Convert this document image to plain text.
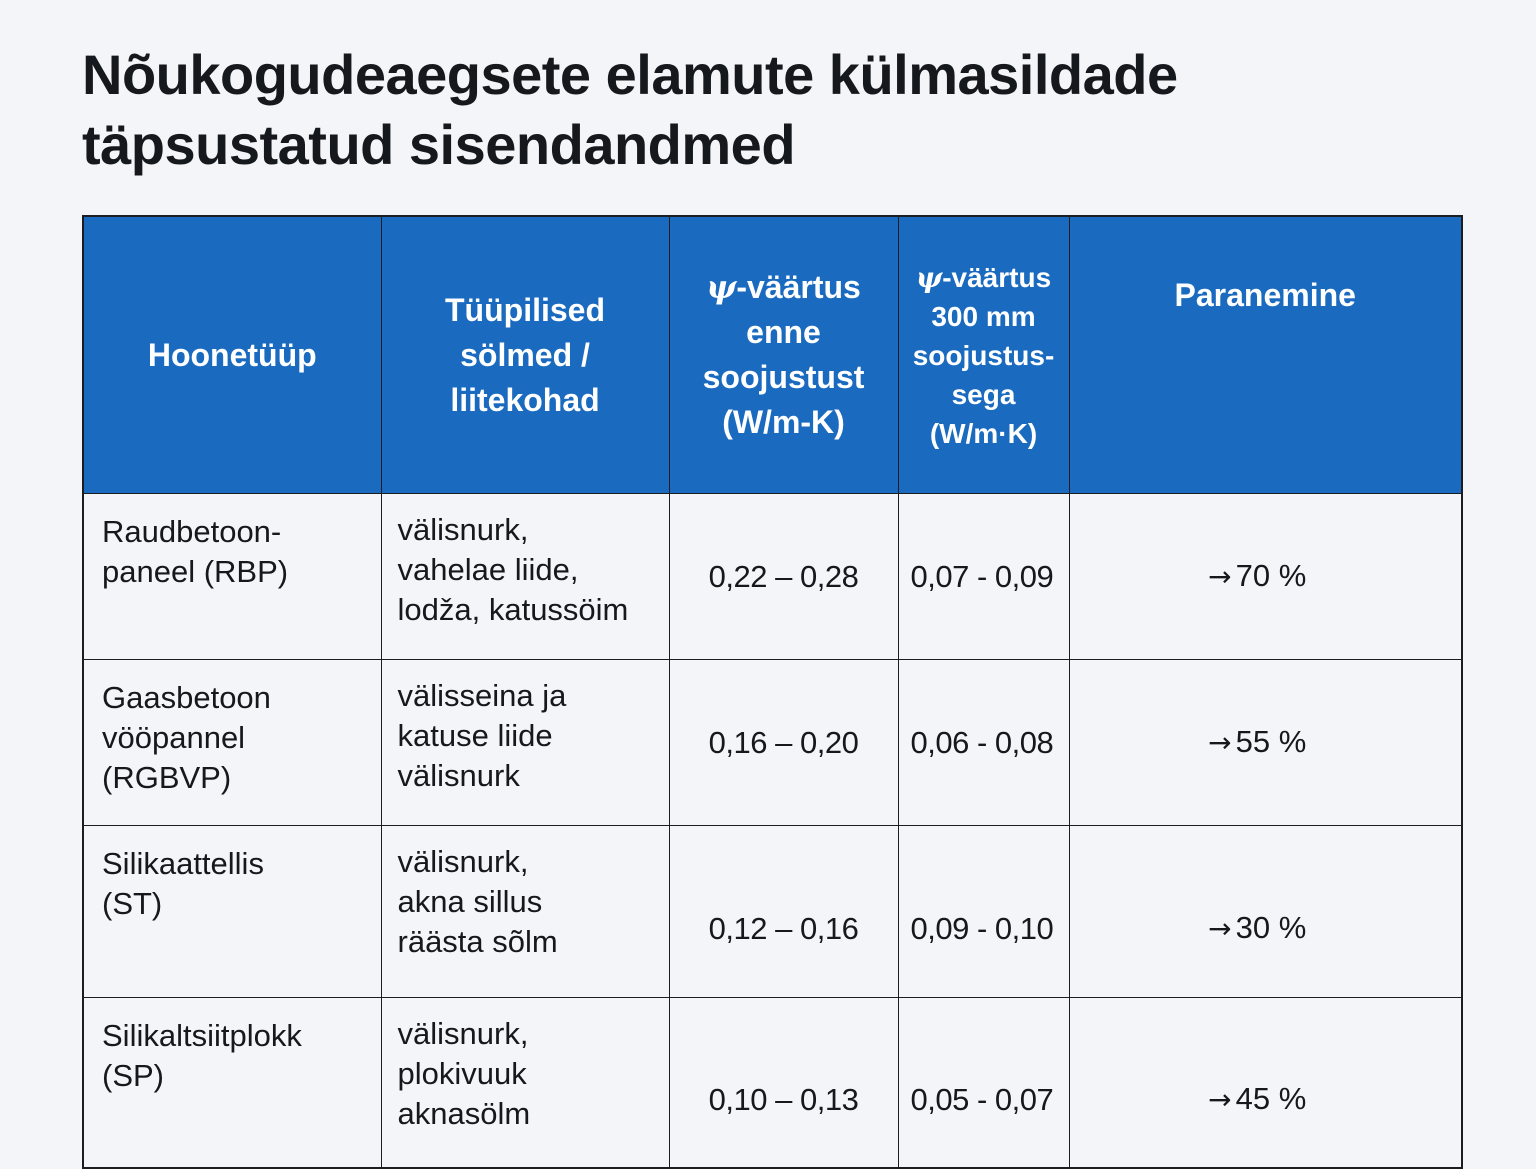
Nõukogudeaegsete elamute külmasildade
täpsustatud sisendandmed
Hoonetüüp	Tüüpilised
sölmed /
liitekohad	ψ-väärtus
enne
soojustust
(W/m-K)	ψ-väärtus
300 mm
soojustus-
sega
(W/m·K)	Paranemine

Raudbetoon-
paneel (RBP)	välisnurk,
vahelae liide,
lodža, katussöim	0,22 – 0,28	0,07 - 0,09	→ 70 %

Gaasbetoon
vööpannel
(RGBVP)	välisseina ja
katuse liide
välisnurk	0,16 – 0,20	0,06 - 0,08	→ 55 %

Silikaattellis
(ST)	välisnurk,
akna sillus
räästa sõlm	0,12 – 0,16	0,09 - 0,10	→ 30 %

Silikaltsiitplokk
(SP)	välisnurk,
plokivuuk
aknasölm	0,10 – 0,13	0,05 - 0,07	→ 45 %
